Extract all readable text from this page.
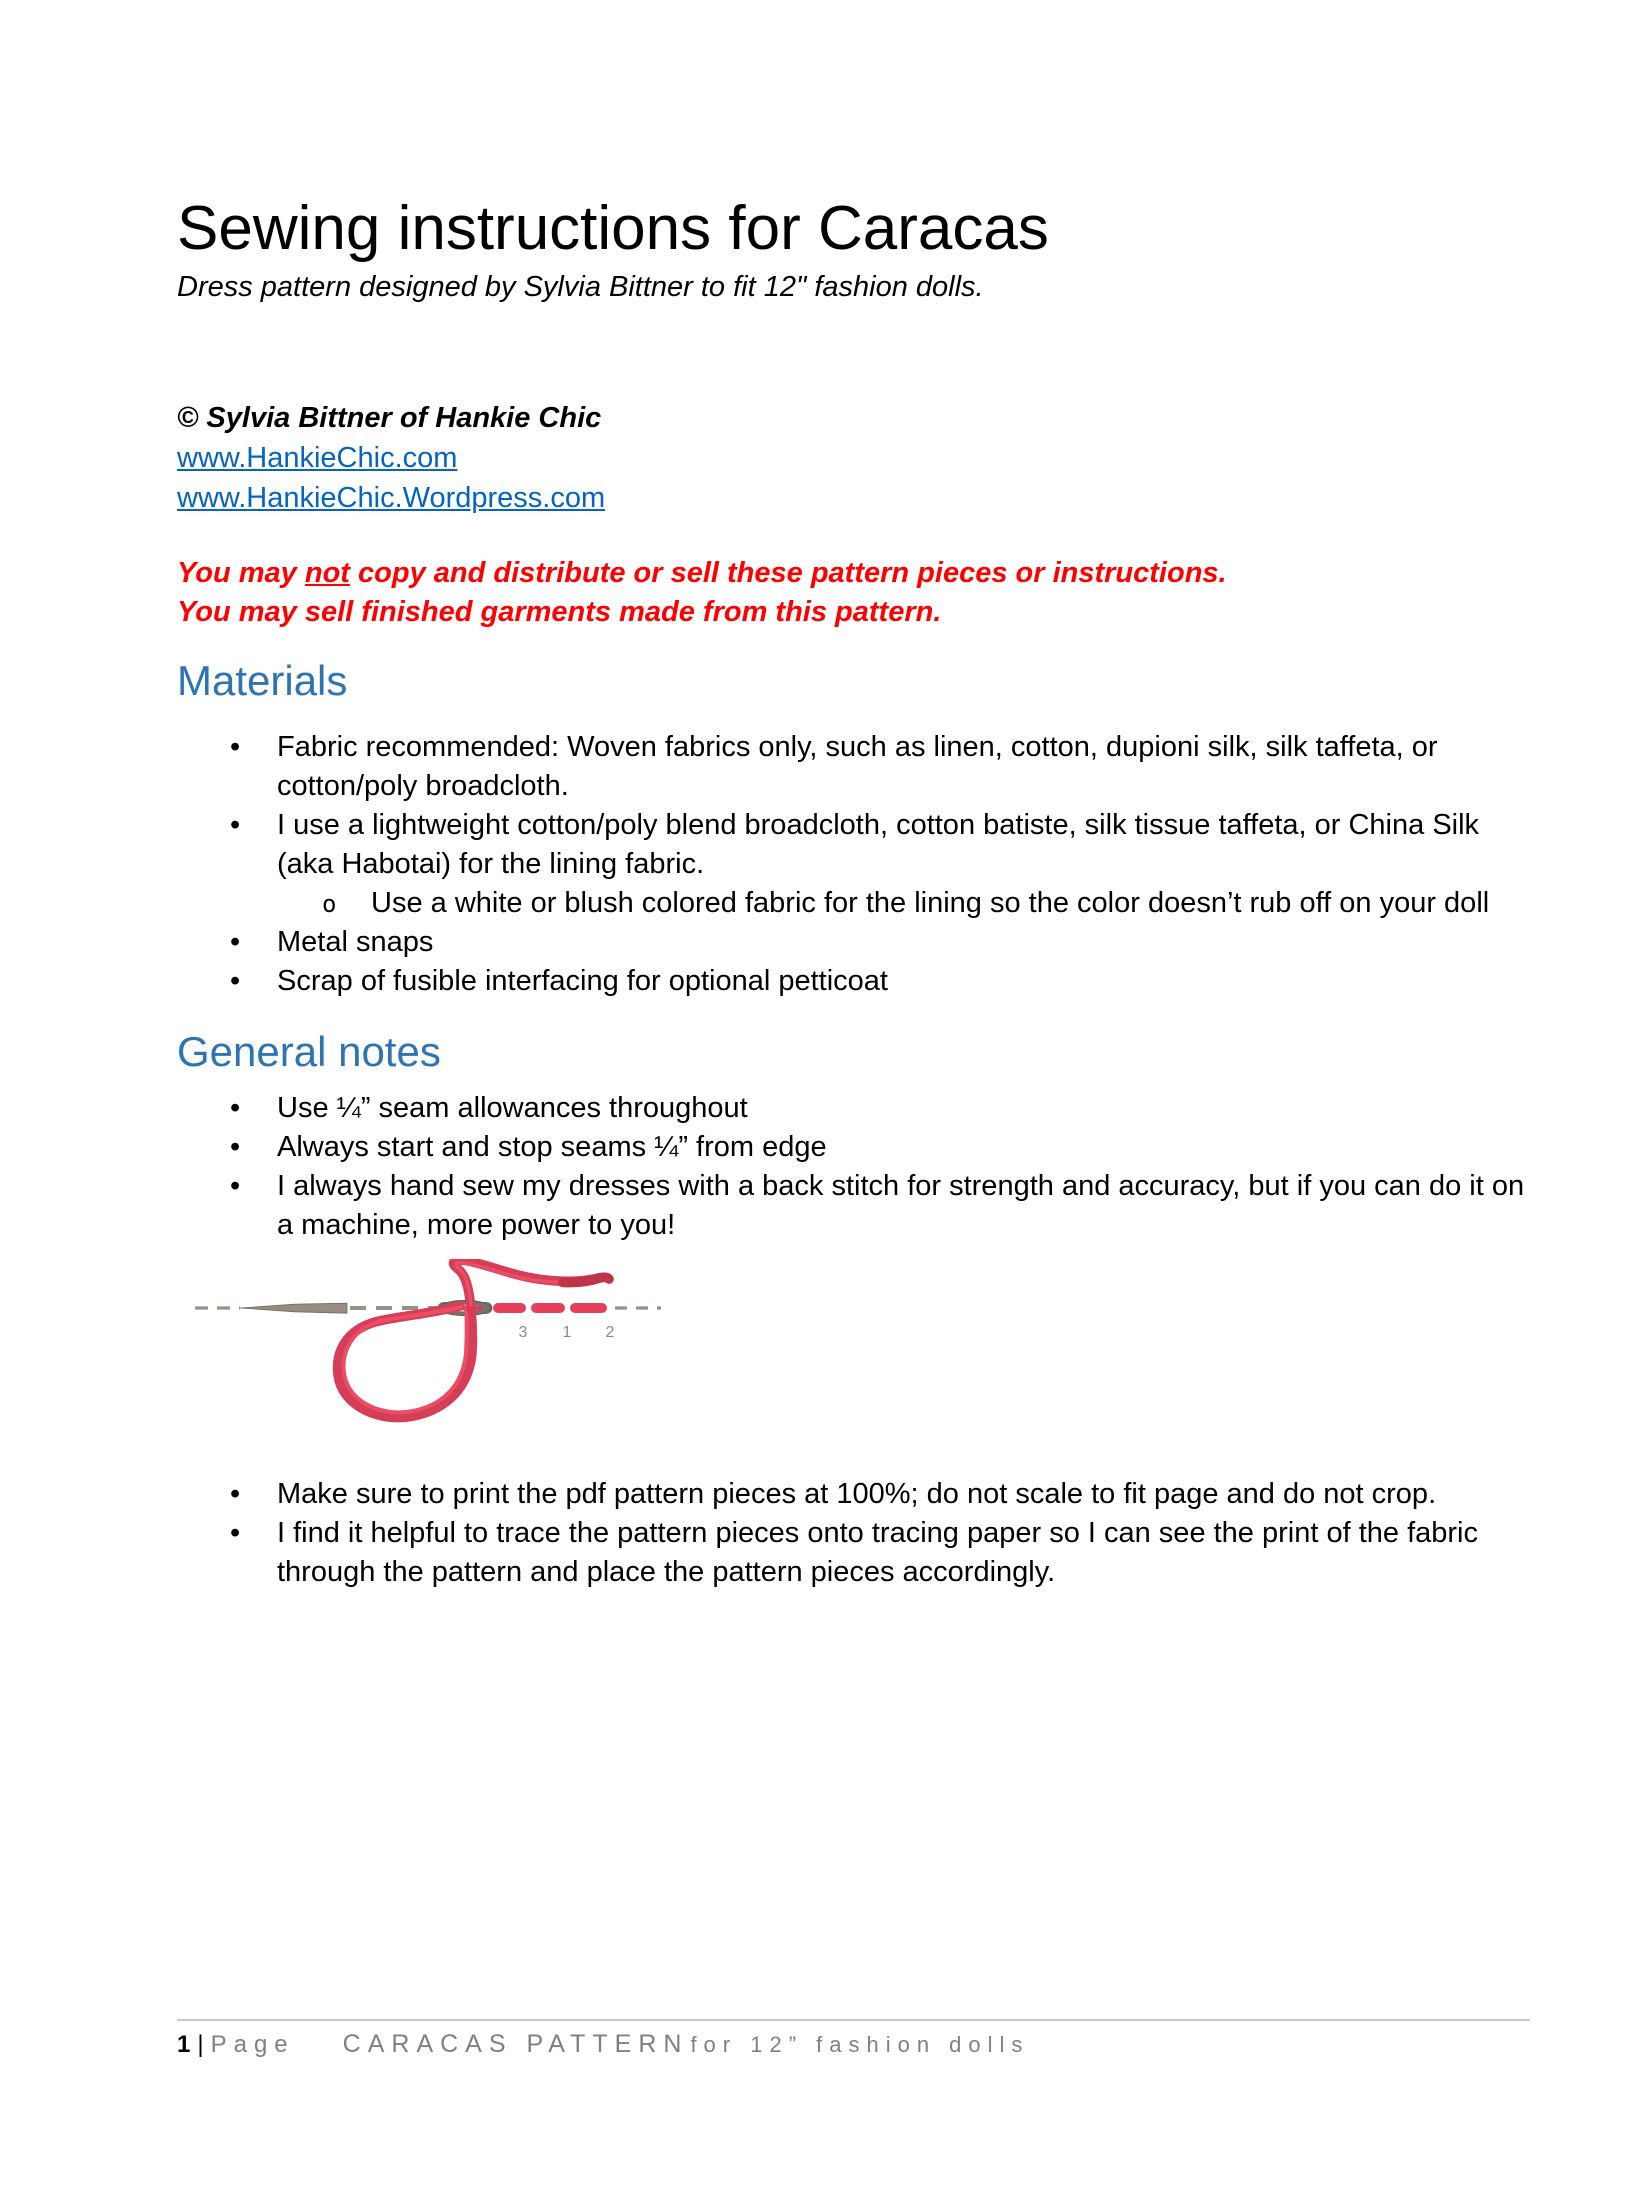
Sewing instructions for Caracas

Dress pattern designed by Sylvia Bittner to fit 12" fashion dolls.

© Sylvia Bittner of Hankie Chic

www.HankieChic.com
www.HankieChic.Wordpress.com

You may not copy and distribute or sell these pattern pieces or instructions.

You may sell finished garments made from this pattern.

Materials
• Fabric recommended: Woven fabrics only, such as linen, cotton, dupioni silk, silk taffeta, or cotton/poly broadcloth.
• I use a lightweight cotton/poly blend broadcloth, cotton batiste, silk tissue taffeta, or China Silk (aka Habotai) for the lining fabric.
o Use a white or blush colored fabric for the lining so the color doesn’t rub off on your doll
• Metal snaps
• Scrap of fusible interfacing for optional petticoat
General notes
• Use ¼” seam allowances throughout
• Always start and stop seams ¼” from edge
• I always hand sew my dresses with a back stitch for strength and accuracy, but if you can do it on a machine, more power to you!
3 1 2
• Make sure to print the pdf pattern pieces at 100%; do not scale to fit page and do not crop.
• I find it helpful to trace the pattern pieces onto tracing paper so I can see the print of the fabric through the pattern and place the pattern pieces accordingly.
1|Page CARACAS PATTERNfor 12” fashion dolls
